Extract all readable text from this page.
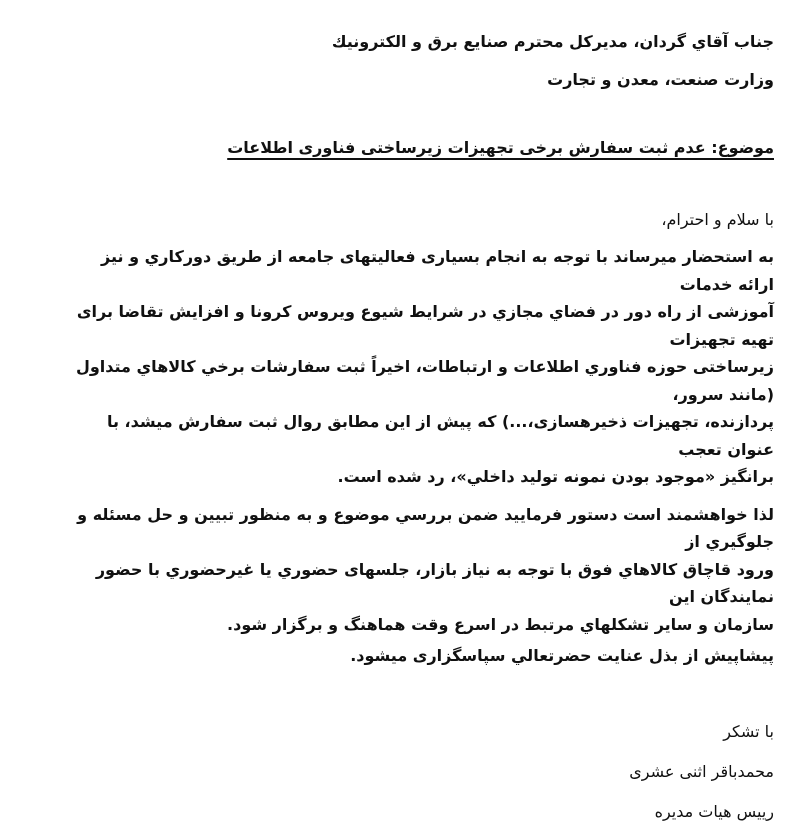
جناب آقاي گردان، مديركل محترم صنايع برق و الكترونيك
وزارت صنعت، معدن و تجارت
موضوع: عدم ثبت سفارش برخی تجهیزات زیرساختی فناوری اطلاعات
با سلام و احترام،
به استحضار میرساند با توجه به انجام بسیاری فعالیتهای جامعه از طریق دورکاري و نیز ارائه خدمات
آموزشی از راه دور در فضاي مجازي در شرایط شیوع ویروس کرونا و افزایش تقاضا برای تهیه تجهیزات
زیرساختی حوزه فناوري اطلاعات و ارتباطات، اخیراً ثبت سفارشات برخي کالاهاي متداول (مانند سرور،
پردازنده، تجهیزات ذخیرهسازی،...) که پیش از این مطابق روال ثبت سفارش میشد، با عنوان تعجب
برانگیز «موجود بودن نمونه تولید داخلي»، رد شده است.
لذا خواهشمند است دستور فرمایید ضمن بررسي موضوع و به منظور تبیین و حل مسئله و جلوگیري از
ورود قاچاق کالاهاي فوق با توجه به نیاز بازار، جلسهای حضوري یا غیرحضوري با حضور نمایندگان این
سازمان و سایر تشکلهاي مرتبط در اسرع وقت هماهنگ و برگزار شود.
پیشاپیش از بذل عنایت حضرتعالي سپاسگزاری میشود.
با تشکر
محمدباقر اثنی عشری
رییس هیات مدیره
